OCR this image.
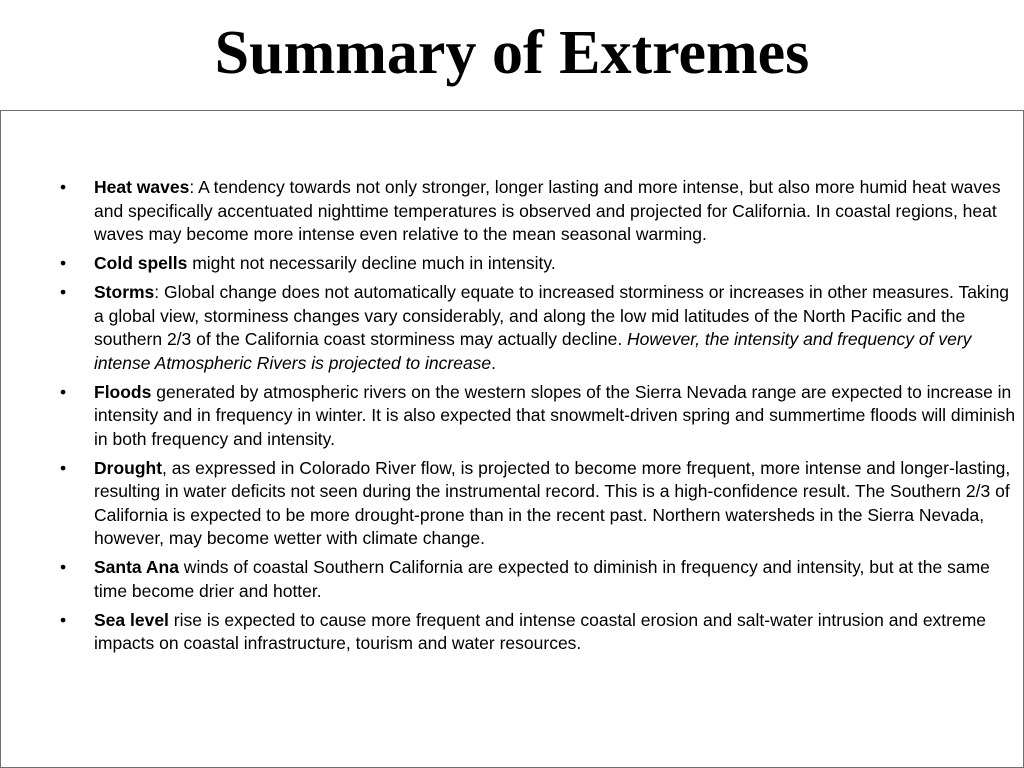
Summary of Extremes
• Heat waves: A tendency towards not only stronger, longer lasting and more intense, but also more humid heat waves and specifically accentuated nighttime temperatures is observed and projected for California. In coastal regions, heat waves may become more intense even relative to the mean seasonal warming.
• Cold spells might not necessarily decline much in intensity.
• Storms: Global change does not automatically equate to increased storminess or increases in other measures. Taking a global view, storminess changes vary considerably, and along the low mid latitudes of the North Pacific and the southern 2/3 of the California coast storminess may actually decline. However, the intensity and frequency of very intense Atmospheric Rivers is projected to increase.
• Floods generated by atmospheric rivers on the western slopes of the Sierra Nevada range are expected to increase in intensity and in frequency in winter. It is also expected that snowmelt-driven spring and summertime floods will diminish in both frequency and intensity.
• Drought, as expressed in Colorado River flow, is projected to become more frequent, more intense and longer-lasting, resulting in water deficits not seen during the instrumental record. This is a high-confidence result. The Southern 2/3 of California is expected to be more drought-prone than in the recent past. Northern watersheds in the Sierra Nevada, however, may become wetter with climate change.
• Santa Ana winds of coastal Southern California are expected to diminish in frequency and intensity, but at the same time become drier and hotter.
• Sea level rise is expected to cause more frequent and intense coastal erosion and salt-water intrusion and extreme impacts on coastal infrastructure, tourism and water resources.
